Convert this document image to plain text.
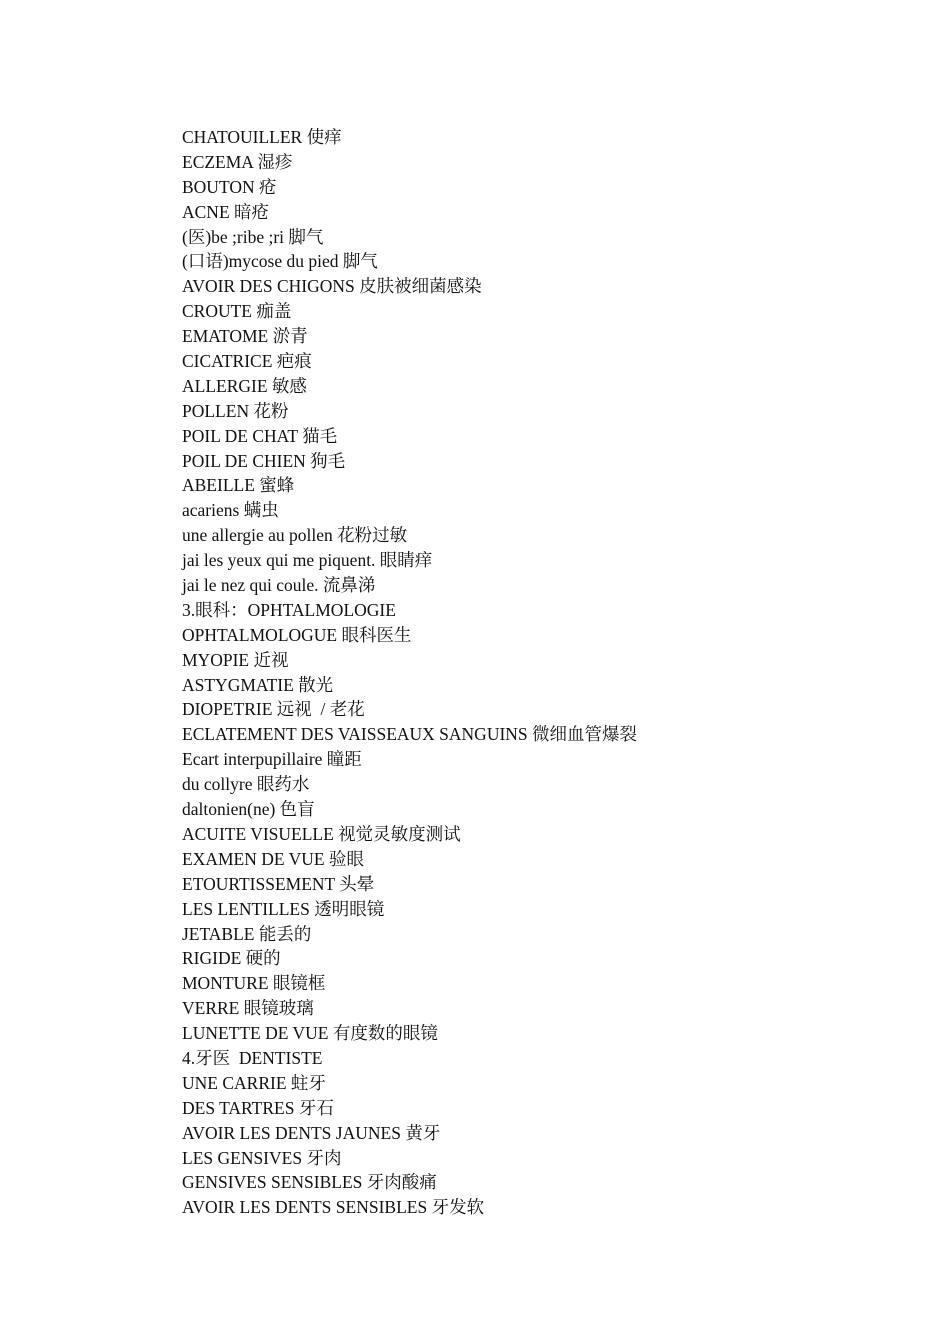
CHATOUILLER 使痒
ECZEMA 湿疹
BOUTON 疮
ACNE 暗疮
(医)be ;ribe ;ri 脚气
(口语)mycose du pied 脚气
AVOIR DES CHIGONS 皮肤被细菌感染
CROUTE 痂盖
EMATOME 淤青
CICATRICE 疤痕
ALLERGIE 敏感
POLLEN 花粉
POIL DE CHAT 猫毛
POIL DE CHIEN 狗毛
ABEILLE 蜜蜂
acariens 螨虫
une allergie au pollen 花粉过敏
jai les yeux qui me piquent. 眼睛痒
jai le nez qui coule. 流鼻涕
3.眼科：OPHTALMOLOGIE
OPHTALMOLOGUE 眼科医生
MYOPIE 近视
ASTYGMATIE 散光
DIOPETRIE 远视  / 老花
ECLATEMENT DES VAISSEAUX SANGUINS 微细血管爆裂
Ecart interpupillaire 瞳距
du collyre 眼药水
daltonien(ne) 色盲
ACUITE VISUELLE 视觉灵敏度测试
EXAMEN DE VUE 验眼
ETOURTISSEMENT 头晕
LES LENTILLES 透明眼镜
JETABLE 能丢的
RIGIDE 硬的
MONTURE 眼镜框
VERRE 眼镜玻璃
LUNETTE DE VUE 有度数的眼镜
4.牙医  DENTISTE
UNE CARRIE 蛀牙
DES TARTRES 牙石
AVOIR LES DENTS JAUNES 黄牙
LES GENSIVES 牙肉
GENSIVES SENSIBLES 牙肉酸痛
AVOIR LES DENTS SENSIBLES 牙发软
